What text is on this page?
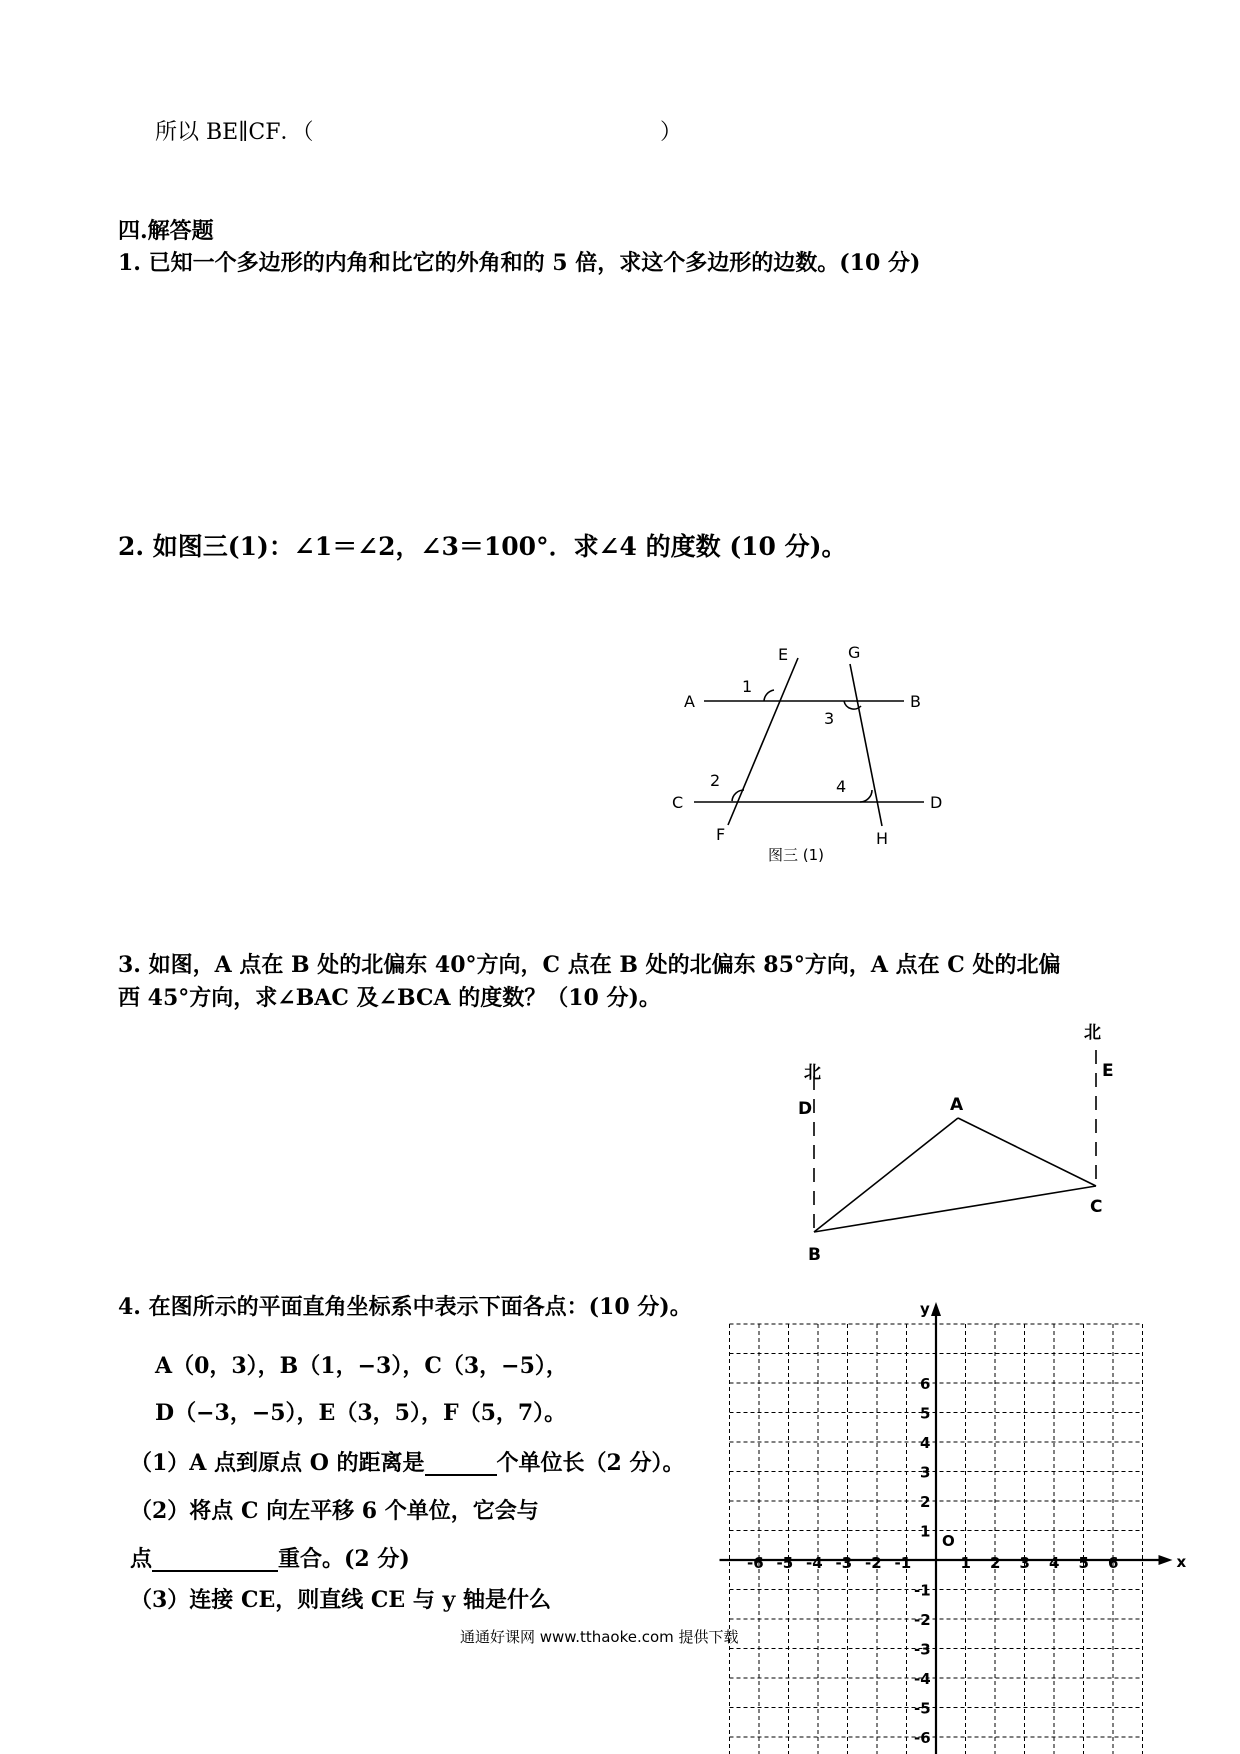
所以 BE∥CF．（	）
四.解答题
1. 已知一个多边形的内角和比它的外角和的 5 倍，求这个多边形的边数。(10 分)
2. 如图三(1)：∠1＝∠2，∠3＝100°．求∠4 的度数 (10 分)。
A	B
C	D
E
F
G
H
1
2
3
4
图三 (1)
3. 如图，A 点在 B 处的北偏东 40°方向，C 点在 B 处的北偏东 85°方向，A 点在 C 处的北偏
西 45°方向，求∠BAC 及∠BCA 的度数？（10 分)。
北
北
D
E
A
B
C
4. 在图所示的平面直角坐标系中表示下面各点：(10 分)。
A（0，3），B（1，−3），C（3，−5），
D（−3，−5），E（3，5），F（5，7）。
（1）A 点到原点 O 的距离是	个单位长（2 分）。
（2）将点 C 向左平移 6 个单位，它会与
点	重合。(2 分)
（3）连接 CE，则直线 CE 与 y 轴是什么
x
y
O
-6 -5 -4 -3 -2 -1	1 2 3 4 5 6
6
5
4
3
2
1
-1
-2
-3
-4
-5
-6
通通好课网 www.tthaoke.com 提供下载
